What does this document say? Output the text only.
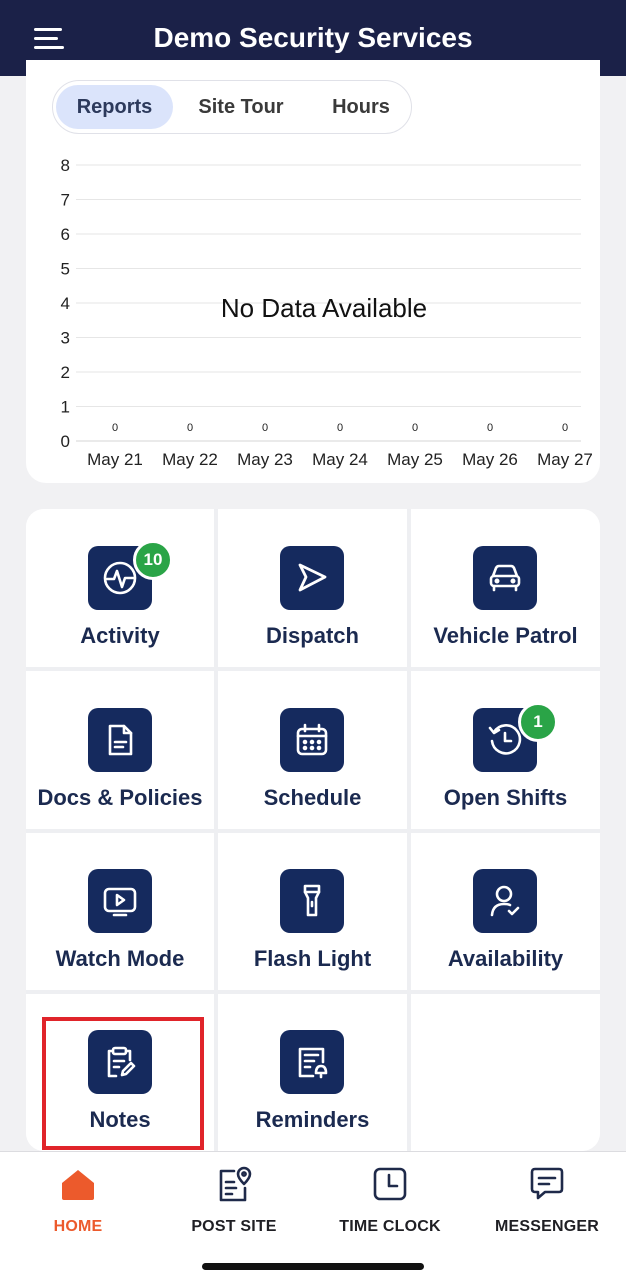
Demo Security Services
Reports	Site Tour	Hours
0
1
2
3
4
5
6
7
8
0
May 21
0
May 22
0
May 23
0
May 24
0
May 25
0
May 26
0
May 27
No Data Available
10
Activity	Dispatch	Vehicle Patrol
Docs & Policies	Schedule
1
Open Shifts
Watch Mode	Flash Light	Availability
Notes	Reminders
HOME	POST SITE	TIME CLOCK	MESSENGER
